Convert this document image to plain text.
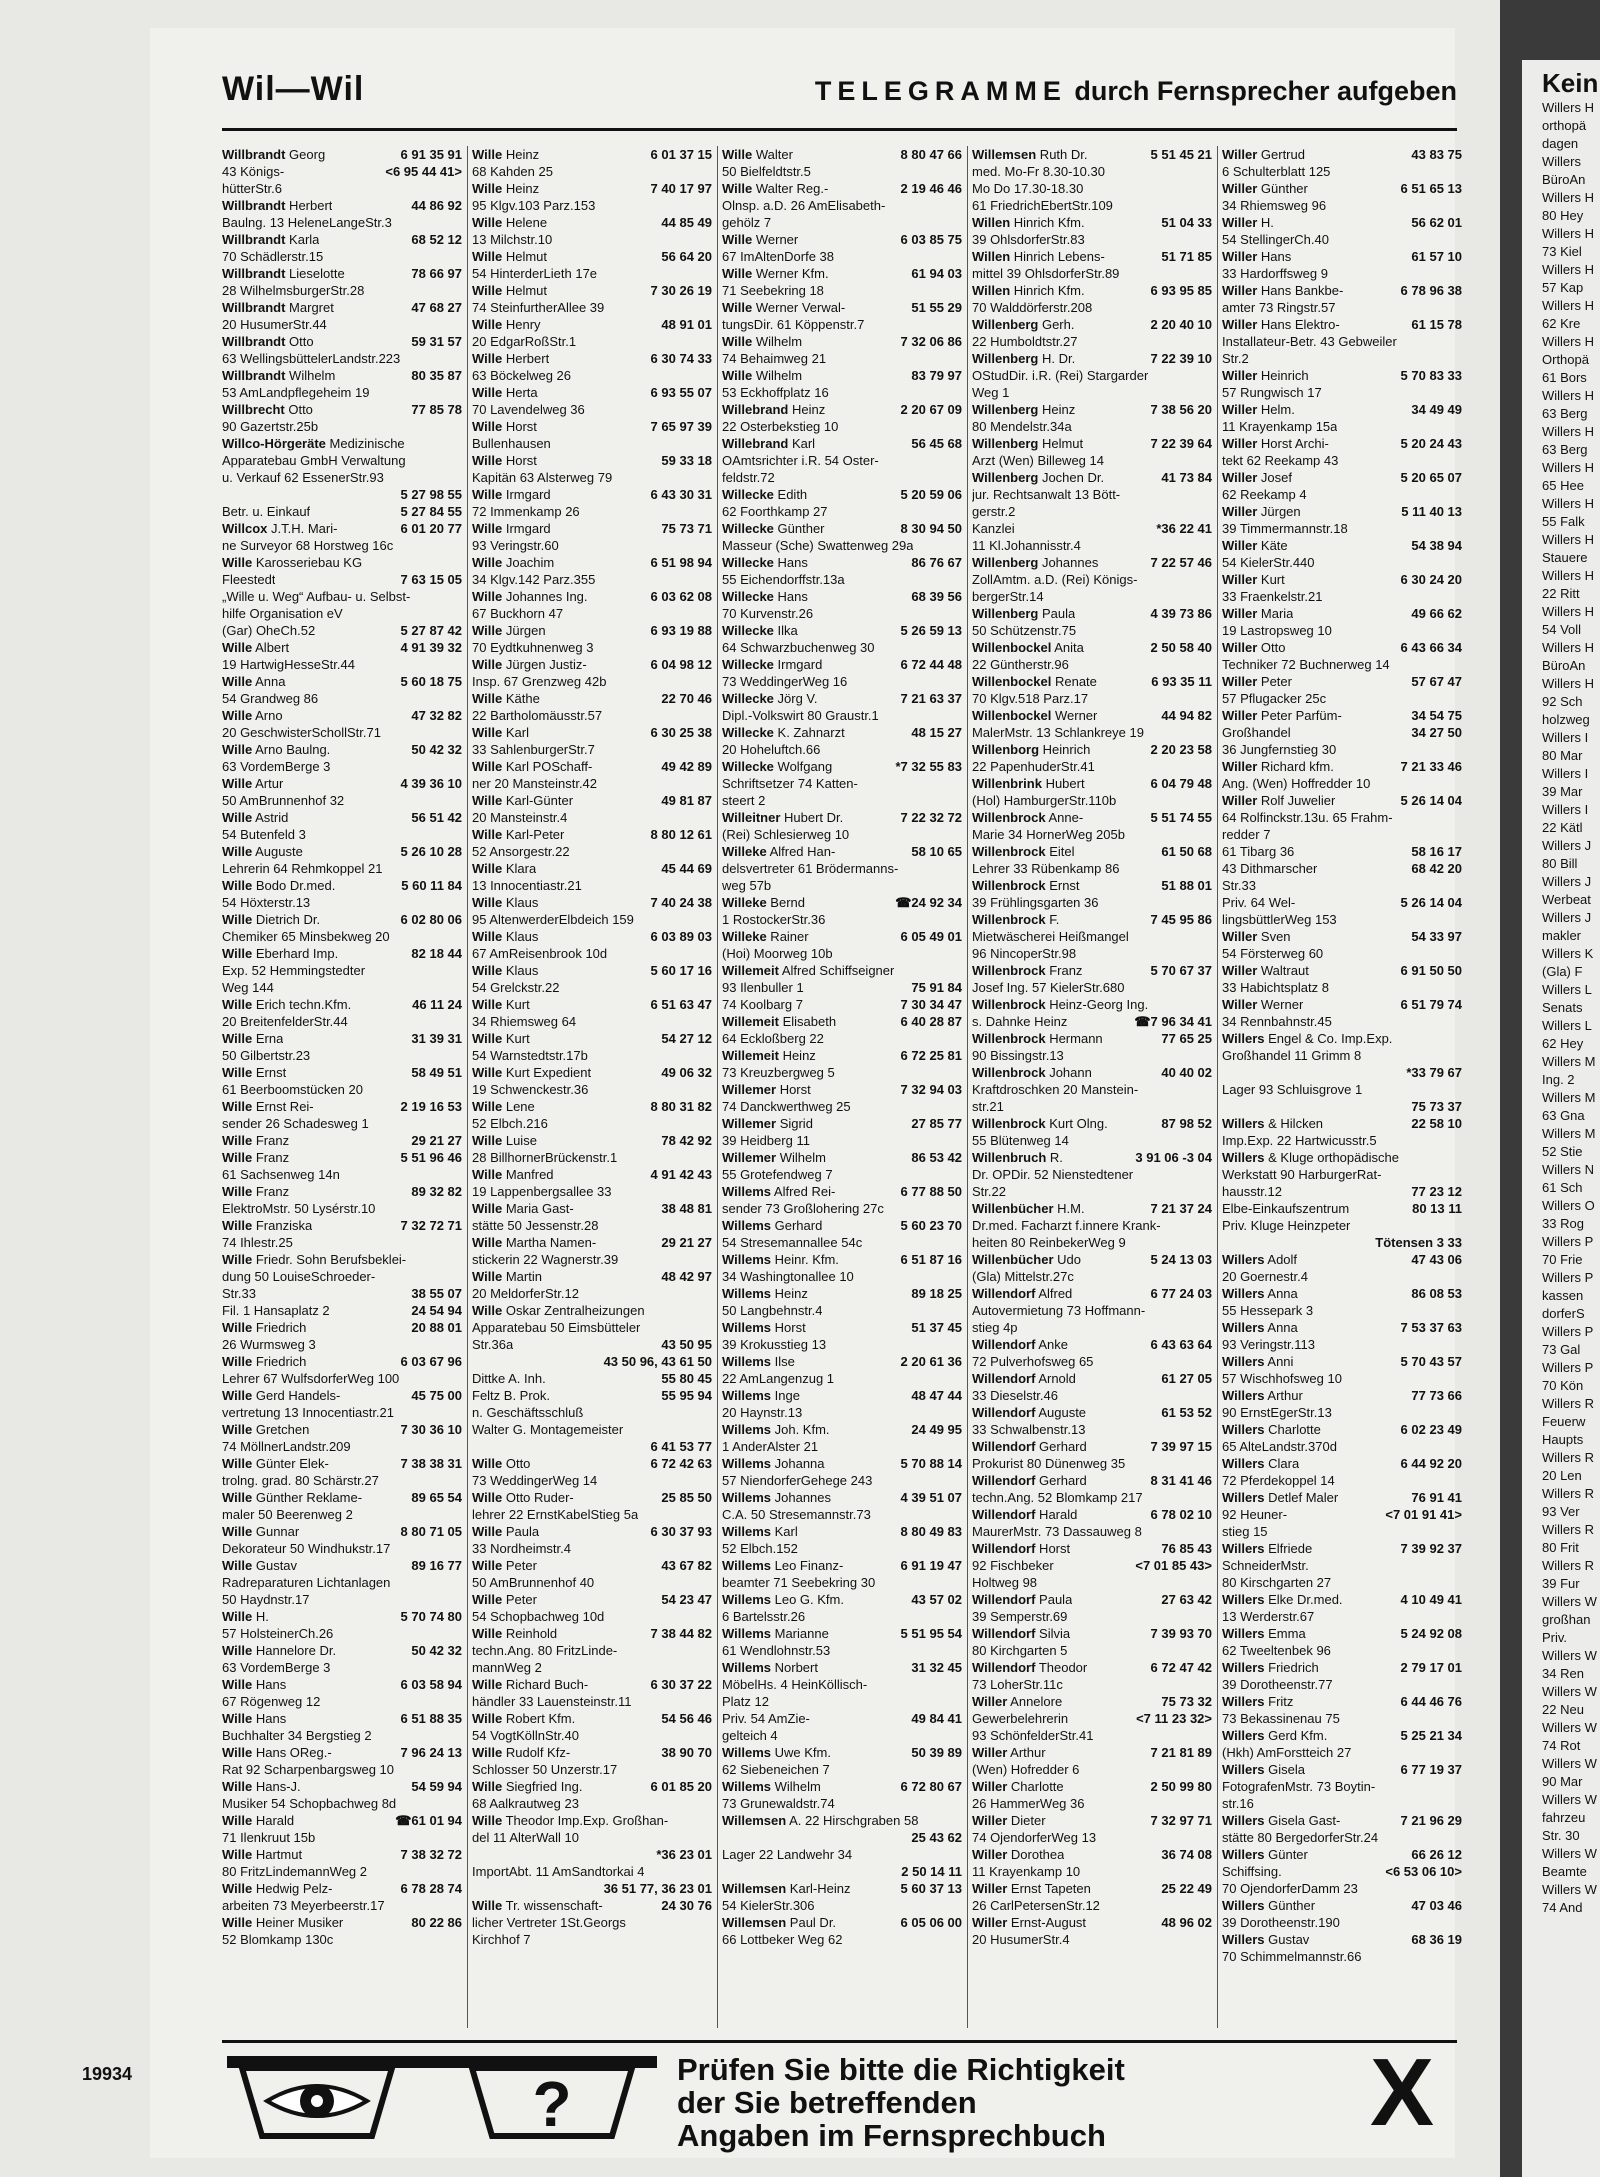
Kein
Willers H
orthopä
dagen
Willers
BüroAn
Willers H
80 Hey
Willers H
73 Kiel
Willers H
57 Kap
Willers H
62 Kre
Willers H
Orthopä
61 Bors
Willers H
63 Berg
Willers H
63 Berg
Willers H
65 Hee
Willers H
55 Falk
Willers H
Stauere
Willers H
22 Ritt
Willers H
54 Voll
Willers H
BüroAn
Willers H
92 Sch
holzweg
Willers I
80 Mar
Willers I
39 Mar
Willers I
22 Kätl
Willers J
80 Bill
Willers J
Werbeat
Willers J
makler
Willers K
(Gla) F
Willers L
Senats
Willers L
62 Hey
Willers M
Ing. 2
Willers M
63 Gna
Willers M
52 Stie
Willers N
61 Sch
Willers O
33 Rog
Willers P
70 Frie
Willers P
kassen
dorferS
Willers P
73 Gal
Willers P
70 Kön
Willers R
Feuerw
Haupts
Willers R
20 Len
Willers R
93 Ver
Willers R
80 Frit
Willers R
39 Fur
Willers W
großhan
Priv.
Willers W
34 Ren
Willers W
22 Neu
Willers W
74 Rot
Willers W
90 Mar
Willers W
fahrzeu
Str. 30
Willers W
Beamte
Willers W
74 And
Wil—Wil	TELEGRAMME durch Fernsprecher aufgeben
Willbrandt Georg	6 91 35 91
43 Königs-	<6 95 44 41>
hütterStr.6
Willbrandt Herbert	44 86 92
Baulng. 13 HeleneLangeStr.3
Willbrandt Karla	68 52 12
70 Schädlerstr.15
Willbrandt Lieselotte	78 66 97
28 WilhelmsburgerStr.28
Willbrandt Margret	47 68 27
20 HusumerStr.44
Willbrandt Otto	59 31 57
63 WellingsbüttelerLandstr.223
Willbrandt Wilhelm	80 35 87
53 AmLandpflegeheim 19
Willbrecht Otto	77 85 78
90 Gazertstr.25b
Willco-Hörgeräte Medizinische
Apparatebau GmbH Verwaltung
u. Verkauf 62 EssenerStr.93
5 27 98 55
Betr. u. Einkauf	5 27 84 55
Willcox J.T.H. Mari-	6 01 20 77
ne Surveyor 68 Horstweg 16c
Wille Karosseriebau KG
Fleestedt	7 63 15 05
„Wille u. Weg“ Aufbau- u. Selbst-
hilfe Organisation eV
(Gar) OheCh.52	5 27 87 42
Wille Albert	4 91 39 32
19 HartwigHesseStr.44
Wille Anna	5 60 18 75
54 Grandweg 86
Wille Arno	47 32 82
20 GeschwisterSchollStr.71
Wille Arno Baulng.	50 42 32
63 VordemBerge 3
Wille Artur	4 39 36 10
50 AmBrunnenhof 32
Wille Astrid	56 51 42
54 Butenfeld 3
Wille Auguste	5 26 10 28
Lehrerin 64 Rehmkoppel 21
Wille Bodo Dr.med.	5 60 11 84
54 Höxterstr.13
Wille Dietrich Dr.	6 02 80 06
Chemiker 65 Minsbekweg 20
Wille Eberhard Imp.	82 18 44
Exp. 52 Hemmingstedter
Weg 144
Wille Erich techn.Kfm.	46 11 24
20 BreitenfelderStr.44
Wille Erna	31 39 31
50 Gilbertstr.23
Wille Ernst	58 49 51
61 Beerboomstücken 20
Wille Ernst Rei-	2 19 16 53
sender 26 Schadesweg 1
Wille Franz	29 21 27
Wille Franz	5 51 96 46
61 Sachsenweg 14n
Wille Franz	89 32 82
ElektroMstr. 50 Lysérstr.10
Wille Franziska	7 32 72 71
74 Ihlestr.25
Wille Friedr. Sohn Berufsbeklei-
dung 50 LouiseSchroeder-
Str.33	38 55 07
Fil. 1 Hansaplatz 2	24 54 94
Wille Friedrich	20 88 01
26 Wurmsweg 3
Wille Friedrich	6 03 67 96
Lehrer 67 WulfsdorferWeg 100
Wille Gerd Handels-	45 75 00
vertretung 13 Innocentiastr.21
Wille Gretchen	7 30 36 10
74 MöllnerLandstr.209
Wille Günter Elek-	7 38 38 31
trolng. grad. 80 Schärstr.27
Wille Günther Reklame-	89 65 54
maler 50 Beerenweg 2
Wille Gunnar	8 80 71 05
Dekorateur 50 Windhukstr.17
Wille Gustav	89 16 77
Radreparaturen Lichtanlagen
50 Haydnstr.17
Wille H.	5 70 74 80
57 HolsteinerCh.26
Wille Hannelore Dr.	50 42 32
63 VordemBerge 3
Wille Hans	6 03 58 94
67 Rögenweg 12
Wille Hans	6 51 88 35
Buchhalter 34 Bergstieg 2
Wille Hans OReg.-	7 96 24 13
Rat 92 Scharpenbargsweg 10
Wille Hans-J.	54 59 94
Musiker 54 Schopbachweg 8d
Wille Harald	☎61 01 94
71 Ilenkruut 15b
Wille Hartmut	7 38 32 72
80 FritzLindemannWeg 2
Wille Hedwig Pelz-	6 78 28 74
arbeiten 73 Meyerbeerstr.17
Wille Heiner Musiker	80 22 86
52 Blomkamp 130c
Wille Heinz	6 01 37 15
68 Kahden 25
Wille Heinz	7 40 17 97
95 Klgv.103 Parz.153
Wille Helene	44 85 49
13 Milchstr.10
Wille Helmut	56 64 20
54 HinterderLieth 17e
Wille Helmut	7 30 26 19
74 SteinfurtherAllee 39
Wille Henry	48 91 01
20 EdgarRoßStr.1
Wille Herbert	6 30 74 33
63 Böckelweg 26
Wille Herta	6 93 55 07
70 Lavendelweg 36
Wille Horst	7 65 97 39
Bullenhausen
Wille Horst	59 33 18
Kapitän 63 Alsterweg 79
Wille Irmgard	6 43 30 31
72 Immenkamp 26
Wille Irmgard	75 73 71
93 Veringstr.60
Wille Joachim	6 51 98 94
34 Klgv.142 Parz.355
Wille Johannes Ing.	6 03 62 08
67 Buckhorn 47
Wille Jürgen	6 93 19 88
70 Eydtkuhnenweg 3
Wille Jürgen Justiz-	6 04 98 12
Insp. 67 Grenzweg 42b
Wille Käthe	22 70 46
22 Bartholomäusstr.57
Wille Karl	6 30 25 38
33 SahlenburgerStr.7
Wille Karl POSchaff-	49 42 89
ner 20 Mansteinstr.42
Wille Karl-Günter	49 81 87
20 Mansteinstr.4
Wille Karl-Peter	8 80 12 61
52 Ansorgestr.22
Wille Klara	45 44 69
13 Innocentiastr.21
Wille Klaus	7 40 24 38
95 AltenwerderElbdeich 159
Wille Klaus	6 03 89 03
67 AmReisenbrook 10d
Wille Klaus	5 60 17 16
54 Grelckstr.22
Wille Kurt	6 51 63 47
34 Rhiemsweg 64
Wille Kurt	54 27 12
54 Warnstedtstr.17b
Wille Kurt Expedient	49 06 32
19 Schwenckestr.36
Wille Lene	8 80 31 82
52 Elbch.216
Wille Luise	78 42 92
28 BillhornerBrückenstr.1
Wille Manfred	4 91 42 43
19 Lappenbergsallee 33
Wille Maria Gast-	38 48 81
stätte 50 Jessenstr.28
Wille Martha Namen-	29 21 27
stickerin 22 Wagnerstr.39
Wille Martin	48 42 97
20 MeldorferStr.12
Wille Oskar Zentralheizungen
Apparatebau 50 Eimsbütteler
Str.36a	43 50 95
43 50 96, 43 61 50
Dittke A. Inh.	55 80 45
Feltz B. Prok.	55 95 94
n. Geschäftsschluß
Walter G. Montagemeister
6 41 53 77
Wille Otto	6 72 42 63
73 WeddingerWeg 14
Wille Otto Ruder-	25 85 50
lehrer 22 ErnstKabelStieg 5a
Wille Paula	6 30 37 93
33 Nordheimstr.4
Wille Peter	43 67 82
50 AmBrunnenhof 40
Wille Peter	54 23 47
54 Schopbachweg 10d
Wille Reinhold	7 38 44 82
techn.Ang. 80 FritzLinde-
mannWeg 2
Wille Richard Buch-	6 30 37 22
händler 33 Lauensteinstr.11
Wille Robert Kfm.	54 56 46
54 VogtKöllnStr.40
Wille Rudolf Kfz-	38 90 70
Schlosser 50 Unzerstr.17
Wille Siegfried Ing.	6 01 85 20
68 Aalkrautweg 23
Wille Theodor Imp.Exp. Großhan-
del 11 AlterWall 10
*36 23 01
ImportAbt. 11 AmSandtorkai 4
36 51 77, 36 23 01
Wille Tr. wissenschaft-	24 30 76
licher Vertreter 1St.Georgs
Kirchhof 7
Wille Walter	8 80 47 66
50 Bielfeldtstr.5
Wille Walter Reg.-	2 19 46 46
Olnsp. a.D. 26 AmElisabeth-
gehölz 7
Wille Werner	6 03 85 75
67 ImAltenDorfe 38
Wille Werner Kfm.	61 94 03
71 Seebekring 18
Wille Werner Verwal-	51 55 29
tungsDir. 61 Köppenstr.7
Wille Wilhelm	7 32 06 86
74 Behaimweg 21
Wille Wilhelm	83 79 97
53 Eckhoffplatz 16
Willebrand Heinz	2 20 67 09
22 Osterbekstieg 10
Willebrand Karl	56 45 68
OAmtsrichter i.R. 54 Oster-
feldstr.72
Willecke Edith	5 20 59 06
62 Foorthkamp 27
Willecke Günther	8 30 94 50
Masseur (Sche) Swattenweg 29a
Willecke Hans	86 76 67
55 Eichendorffstr.13a
Willecke Hans	68 39 56
70 Kurvenstr.26
Willecke Ilka	5 26 59 13
64 Schwarzbuchenweg 30
Willecke Irmgard	6 72 44 48
73 WeddingerWeg 16
Willecke Jörg V.	7 21 63 37
Dipl.-Volkswirt 80 Graustr.1
Willecke K. Zahnarzt	48 15 27
20 Hoheluftch.66
Willecke Wolfgang	*7 32 55 83
Schriftsetzer 74 Katten-
steert 2
Willeitner Hubert Dr.	7 22 32 72
(Rei) Schlesierweg 10
Willeke Alfred Han-	58 10 65
delsvertreter 61 Brödermanns-
weg 57b
Willeke Bernd	☎24 92 34
1 RostockerStr.36
Willeke Rainer	6 05 49 01
(Hoi) Moorweg 10b
Willemeit Alfred Schiffseigner
93 Ilenbuller 1	75 91 84
74 Koolbarg 7	7 30 34 47
Willemeit Elisabeth	6 40 28 87
64 Eckloßberg 22
Willemeit Heinz	6 72 25 81
73 Kreuzbergweg 5
Willemer Horst	7 32 94 03
74 Danckwerthweg 25
Willemer Sigrid	27 85 77
39 Heidberg 11
Willemer Wilhelm	86 53 42
55 Grotefendweg 7
Willems Alfred Rei-	6 77 88 50
sender 73 Großlohering 27c
Willems Gerhard	5 60 23 70
54 Stresemannallee 54c
Willems Heinr. Kfm.	6 51 87 16
34 Washingtonallee 10
Willems Heinz	89 18 25
50 Langbehnstr.4
Willems Horst	51 37 45
39 Krokusstieg 13
Willems Ilse	2 20 61 36
22 AmLangenzug 1
Willems Inge	48 47 44
20 Haynstr.13
Willems Joh. Kfm.	24 49 95
1 AnderAlster 21
Willems Johanna	5 70 88 14
57 NiendorferGehege 243
Willems Johannes	4 39 51 07
C.A. 50 Stresemannstr.73
Willems Karl	8 80 49 83
52 Elbch.152
Willems Leo Finanz-	6 91 19 47
beamter 71 Seebekring 30
Willems Leo G. Kfm.	43 57 02
6 Bartelsstr.26
Willems Marianne	5 51 95 54
61 Wendlohnstr.53
Willems Norbert	31 32 45
MöbelHs. 4 HeinKöllisch-
Platz 12
Priv. 54 AmZie-	49 84 41
gelteich 4
Willems Uwe Kfm.	50 39 89
62 Siebeneichen 7
Willems Wilhelm	6 72 80 67
73 Grunewaldstr.74
Willemsen A. 22 Hirschgraben 58
25 43 62
Lager 22 Landwehr 34
2 50 14 11
Willemsen Karl-Heinz	5 60 37 13
54 KielerStr.306
Willemsen Paul Dr.	6 05 06 00
66 Lottbeker Weg 62
Willemsen Ruth Dr.	5 51 45 21
med. Mo-Fr 8.30-10.30
Mo Do 17.30-18.30
61 FriedrichEbertStr.109
Willen Hinrich Kfm.	51 04 33
39 OhlsdorferStr.83
Willen Hinrich Lebens-	51 71 85
mittel 39 OhlsdorferStr.89
Willen Hinrich Kfm.	6 93 95 85
70 Walddörferstr.208
Willenberg Gerh.	2 20 40 10
22 Humboldtstr.27
Willenberg H. Dr.	7 22 39 10
OStudDir. i.R. (Rei) Stargarder
Weg 1
Willenberg Heinz	7 38 56 20
80 Mendelstr.34a
Willenberg Helmut	7 22 39 64
Arzt (Wen) Billeweg 14
Willenberg Jochen Dr.	41 73 84
jur. Rechtsanwalt 13 Bött-
gerstr.2
Kanzlei	*36 22 41
11 Kl.Johannisstr.4
Willenberg Johannes	7 22 57 46
ZollAmtm. a.D. (Rei) Königs-
bergerStr.14
Willenberg Paula	4 39 73 86
50 Schützenstr.75
Willenbockel Anita	2 50 58 40
22 Güntherstr.96
Willenbockel Renate	6 93 35 11
70 Klgv.518 Parz.17
Willenbockel Werner	44 94 82
MalerMstr. 13 Schlankreye 19
Willenborg Heinrich	2 20 23 58
22 PapenhuderStr.41
Willenbrink Hubert	6 04 79 48
(Hol) HamburgerStr.110b
Willenbrock Anne-	5 51 74 55
Marie 34 HornerWeg 205b
Willenbrock Eitel	61 50 68
Lehrer 33 Rübenkamp 86
Willenbrock Ernst	51 88 01
39 Frühlingsgarten 36
Willenbrock F.	7 45 95 86
Mietwäscherei Heißmangel
96 NincoperStr.98
Willenbrock Franz	5 70 67 37
Josef Ing. 57 KielerStr.680
Willenbrock Heinz-Georg Ing.
s. Dahnke Heinz	☎7 96 34 41
Willenbrock Hermann	77 65 25
90 Bissingstr.13
Willenbrock Johann	40 40 02
Kraftdroschken 20 Manstein-
str.21
Willenbrock Kurt Olng.	87 98 52
55 Blütenweg 14
Willenbruch R.	3 91 06 -3 04
Dr. OPDir. 52 Nienstedtener
Str.22
Willenbücher H.M.	7 21 37 24
Dr.med. Facharzt f.innere Krank-
heiten 80 ReinbekerWeg 9
Willenbücher Udo	5 24 13 03
(Gla) Mittelstr.27c
Willendorf Alfred	6 77 24 03
Autovermietung 73 Hoffmann-
stieg 4p
Willendorf Anke	6 43 63 64
72 Pulverhofsweg 65
Willendorf Arnold	61 27 05
33 Dieselstr.46
Willendorf Auguste	61 53 52
33 Schwalbenstr.13
Willendorf Gerhard	7 39 97 15
Prokurist 80 Dünenweg 35
Willendorf Gerhard	8 31 41 46
techn.Ang. 52 Blomkamp 217
Willendorf Harald	6 78 02 10
MaurerMstr. 73 Dassauweg 8
Willendorf Horst	76 85 43
92 Fischbeker	<7 01 85 43>
Holtweg 98
Willendorf Paula	27 63 42
39 Semperstr.69
Willendorf Silvia	7 39 93 70
80 Kirchgarten 5
Willendorf Theodor	6 72 47 42
73 LoherStr.11c
Willer Annelore	75 73 32
Gewerbelehrerin	<7 11 23 32>
93 SchönfelderStr.41
Willer Arthur	7 21 81 89
(Wen) Hofredder 6
Willer Charlotte	2 50 99 80
26 HammerWeg 36
Willer Dieter	7 32 97 71
74 OjendorferWeg 13
Willer Dorothea	36 74 08
11 Krayenkamp 10
Willer Ernst Tapeten	25 22 49
26 CarlPetersenStr.12
Willer Ernst-August	48 96 02
20 HusumerStr.4
Willer Gertrud	43 83 75
6 Schulterblatt 125
Willer Günther	6 51 65 13
34 Rhiemsweg 96
Willer H.	56 62 01
54 StellingerCh.40
Willer Hans	61 57 10
33 Hardorffsweg 9
Willer Hans Bankbe-	6 78 96 38
amter 73 Ringstr.57
Willer Hans Elektro-	61 15 78
Installateur-Betr. 43 Gebweiler
Str.2
Willer Heinrich	5 70 83 33
57 Rungwisch 17
Willer Helm.	34 49 49
11 Krayenkamp 15a
Willer Horst Archi-	5 20 24 43
tekt 62 Reekamp 43
Willer Josef	5 20 65 07
62 Reekamp 4
Willer Jürgen	5 11 40 13
39 Timmermannstr.18
Willer Käte	54 38 94
54 KielerStr.440
Willer Kurt	6 30 24 20
33 Fraenkelstr.21
Willer Maria	49 66 62
19 Lastropsweg 10
Willer Otto	6 43 66 34
Techniker 72 Buchnerweg 14
Willer Peter	57 67 47
57 Pflugacker 25c
Willer Peter Parfüm-	34 54 75
Großhandel	34 27 50
36 Jungfernstieg 30
Willer Richard kfm.	7 21 33 46
Ang. (Wen) Hoffredder 10
Willer Rolf Juwelier	5 26 14 04
64 Rolfinckstr.13u. 65 Frahm-
redder 7
61 Tibarg 36	58 16 17
43 Dithmarscher	68 42 20
Str.33
Priv. 64 Wel-	5 26 14 04
lingsbüttlerWeg 153
Willer Sven	54 33 97
54 Försterweg 60
Willer Waltraut	6 91 50 50
33 Habichtsplatz 8
Willer Werner	6 51 79 74
34 Rennbahnstr.45
Willers Engel & Co. Imp.Exp.
Großhandel 11 Grimm 8
*33 79 67
Lager 93 Schluisgrove 1
75 73 37
Willers & Hilcken	22 58 10
Imp.Exp. 22 Hartwicusstr.5
Willers & Kluge orthopädische
Werkstatt 90 HarburgerRat-
hausstr.12	77 23 12
Elbe-Einkaufszentrum	80 13 11
Priv. Kluge Heinzpeter
Tötensen 3 33
Willers Adolf	47 43 06
20 Goernestr.4
Willers Anna	86 08 53
55 Hessepark 3
Willers Anna	7 53 37 63
93 Veringstr.113
Willers Anni	5 70 43 57
57 Wischhofsweg 10
Willers Arthur	77 73 66
90 ErnstEgerStr.13
Willers Charlotte	6 02 23 49
65 AlteLandstr.370d
Willers Clara	6 44 92 20
72 Pferdekoppel 14
Willers Detlef Maler	76 91 41
92 Heuner-	<7 01 91 41>
stieg 15
Willers Elfriede	7 39 92 37
SchneiderMstr.
80 Kirschgarten 27
Willers Elke Dr.med.	4 10 49 41
13 Werderstr.67
Willers Emma	5 24 92 08
62 Tweeltenbek 96
Willers Friedrich	2 79 17 01
39 Dorotheenstr.77
Willers Fritz	6 44 46 76
73 Bekassinenau 75
Willers Gerd Kfm.	5 25 21 34
(Hkh) AmForstteich 27
Willers Gisela	6 77 19 37
FotografenMstr. 73 Boytin-
str.16
Willers Gisela Gast-	7 21 96 29
stätte 80 BergedorferStr.24
Willers Günter	66 26 12
Schiffsing.	<6 53 06 10>
70 OjendorferDamm 23
Willers Günther	47 03 46
39 Dorotheenstr.190
Willers Gustav	68 36 19
70 Schimmelmannstr.66
?	Prüfen Sie bitte die Richtigkeit
der Sie betreffenden
Angaben im Fernsprechbuch	X
19934
